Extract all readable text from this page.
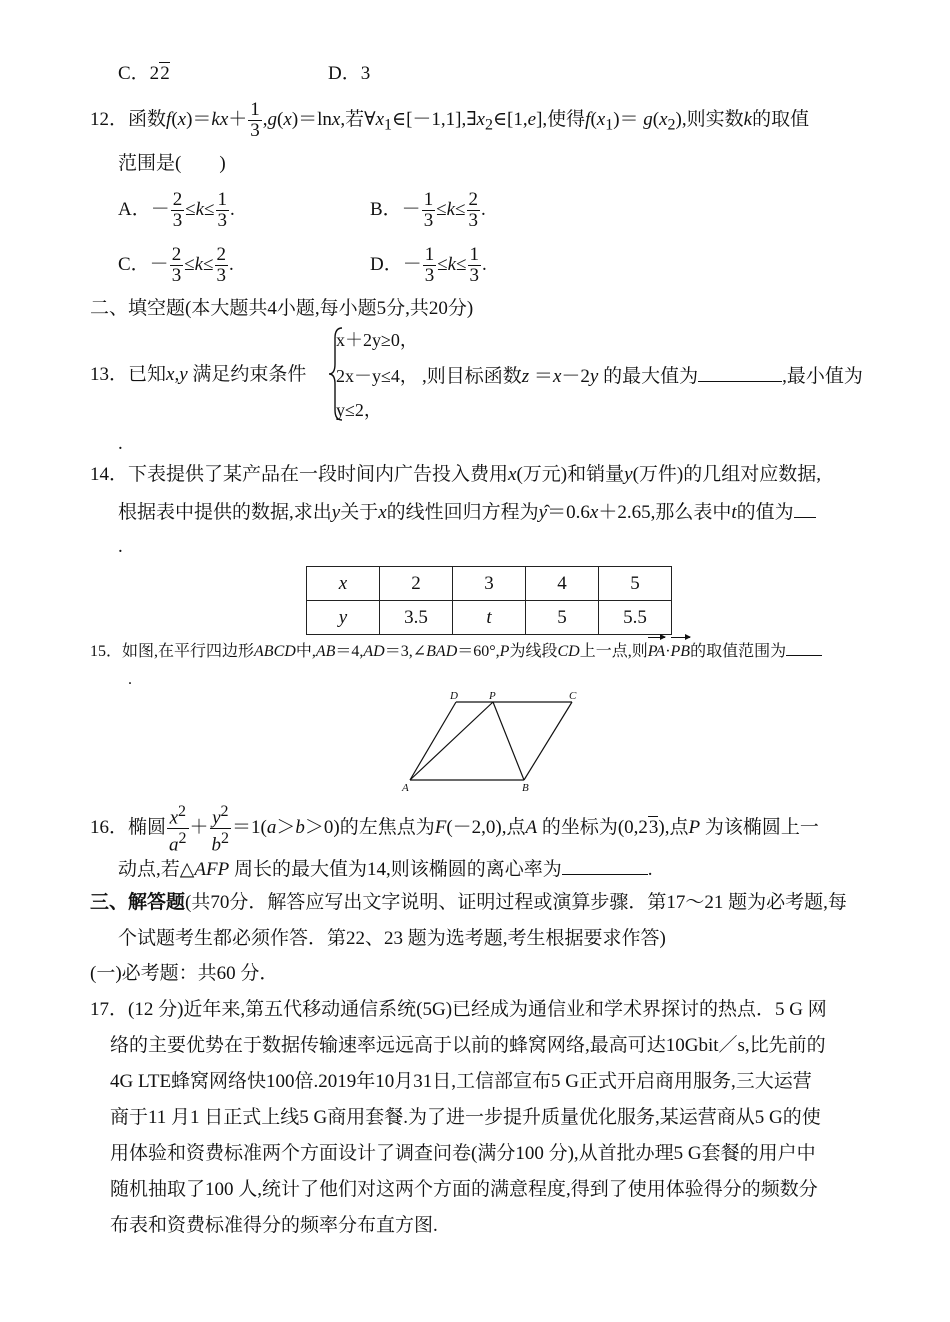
C．22	D．3
12．函数$f(x)=kx+ \frac{1}{3} ,g(x)=\ln x$,若$\forall x_1\in[-1,1],\exists x_2\in[1,e]$,使得$f(x_1)= g(x_2)$,则实数k的取值
范围是(　　)
A．－ $\frac{2}{3} \le k\le \frac{1}{3}$ .	B．－ $\frac{1}{3} \le k\le \frac{2}{3}$ .
C．－ $\frac{2}{3} \le k\le \frac{2}{3}$ .	D．－ $\frac{1}{3} \le k\le \frac{1}{3}$ .
二、填空题(本大题共4小题,每小题5分,共20分)
x＋2y≥0，
2x－y≤4，
y≤2，
13．已知x,y 满足约束条件	,则目标函数z ＝x－2y 的最大值为	,最小值为
.
14．下表提供了某产品在一段时间内广告投入费用x(万元)和销量y(万件)的几组对应数据,
根据表中提供的数据,求出y关于x的线性回归方程为ŷ＝0.6x＋2.65,那么表中t的值为
.
x	2	3	4	5
y	3.5	t	5	5.5
15．如图,在平行四边形ABCD中,AB＝4,AD＝3,∠BAD＝60°,P为线段CD上一点,则PA·PB的取值范围为
.
D	P	C
A	B
16．椭圆 $\frac{x^2}{a^2} + \frac{y^2}{b^2} =1(a>b>0)$的左焦点为F(－2,0),点A 的坐标为(0,23),点P 为该椭圆上一
动点,若△AFP 周长的最大值为14,则该椭圆的离心率为	.
三、解答题(共70分．解答应写出文字说明、证明过程或演算步骤．第17～21 题为必考题,每
个试题考生都必须作答．第22、23 题为选考题,考生根据要求作答)
(一)必考题：共60 分．
17．(12 分)近年来,第五代移动通信系统(5G)已经成为通信业和学术界探讨的热点．5 G 网
络的主要优势在于数据传输速率远远高于以前的蜂窝网络,最高可达10Gbit／s,比先前的
4G LTE蜂窝网络快100倍.2019年10月31日,工信部宣布5 G正式开启商用服务,三大运营
商于11 月1 日正式上线5 G商用套餐.为了进一步提升质量优化服务,某运营商从5 G的使
用体验和资费标准两个方面设计了调查问卷(满分100 分),从首批办理5 G套餐的用户中
随机抽取了100 人,统计了他们对这两个方面的满意程度,得到了使用体验得分的频数分
布表和资费标准得分的频率分布直方图.
